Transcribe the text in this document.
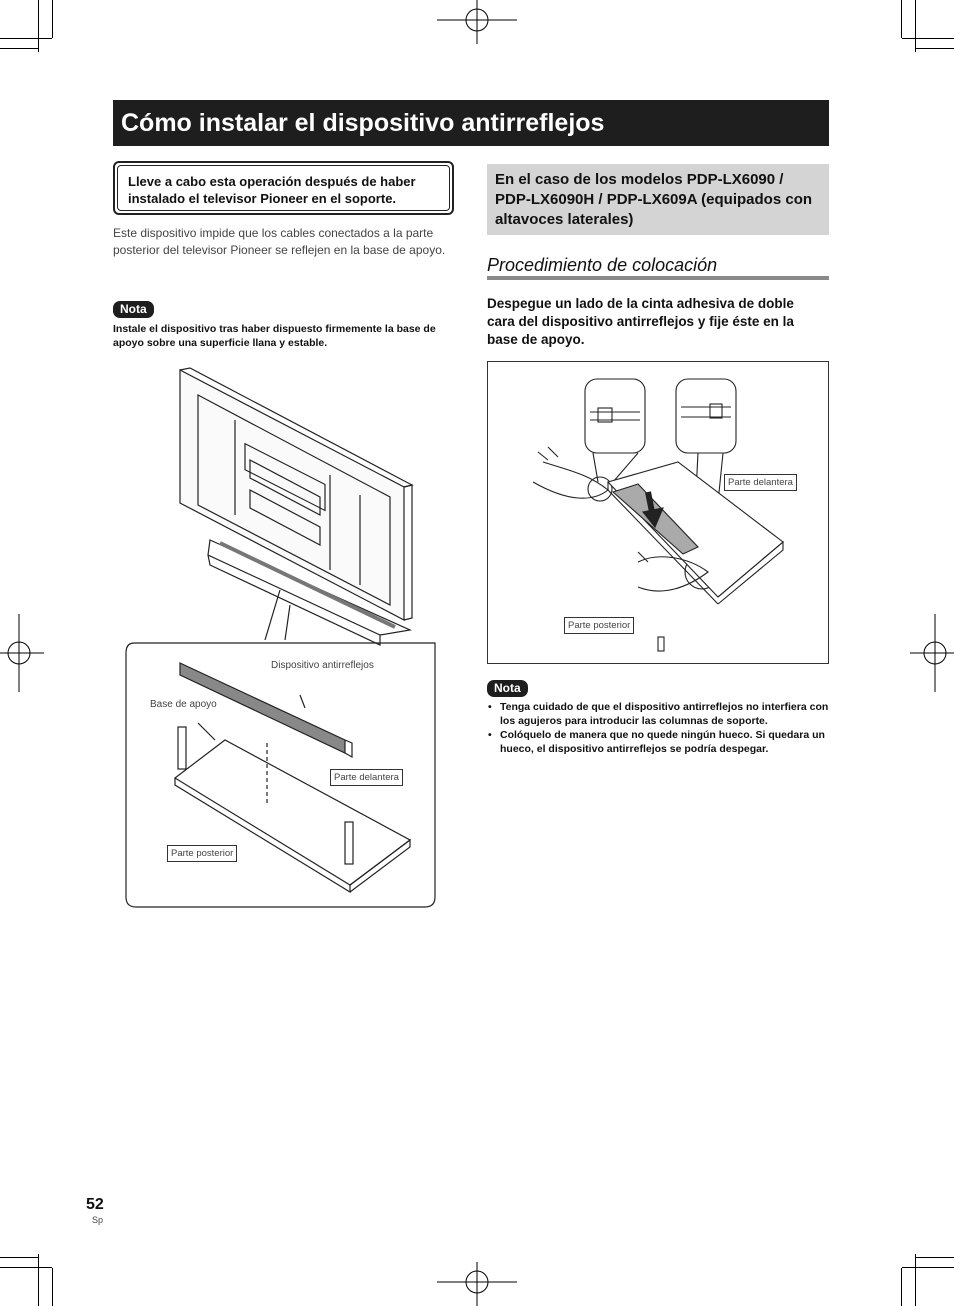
Cómo instalar el dispositivo antirreflejos
Lleve a cabo esta operación después de haber instalado el televisor Pioneer en el soporte.
Este dispositivo impide que los cables conectados a la parte posterior del televisor Pioneer se reflejen en la base de apoyo.
Nota
Instale el dispositivo tras haber dispuesto firmemente la base de apoyo sobre una superficie llana y estable.
Dispositivo antirreflejos
Base de apoyo
Parte delantera
Parte posterior
En el caso de los modelos PDP-LX6090 / PDP-LX6090H / PDP-LX609A (equipados con altavoces laterales)
Procedimiento de colocación
Despegue un lado de la cinta adhesiva de doble cara del dispositivo antirreflejos y fije éste en la base de apoyo.
Parte delantera
Parte posterior
Nota
• Tenga cuidado de que el dispositivo antirreflejos no interfiera con los agujeros para introducir las columnas de soporte.
• Colóquelo de manera que no quede ningún hueco. Si quedara un hueco, el dispositivo antirreflejos se podría despegar.
52
Sp
